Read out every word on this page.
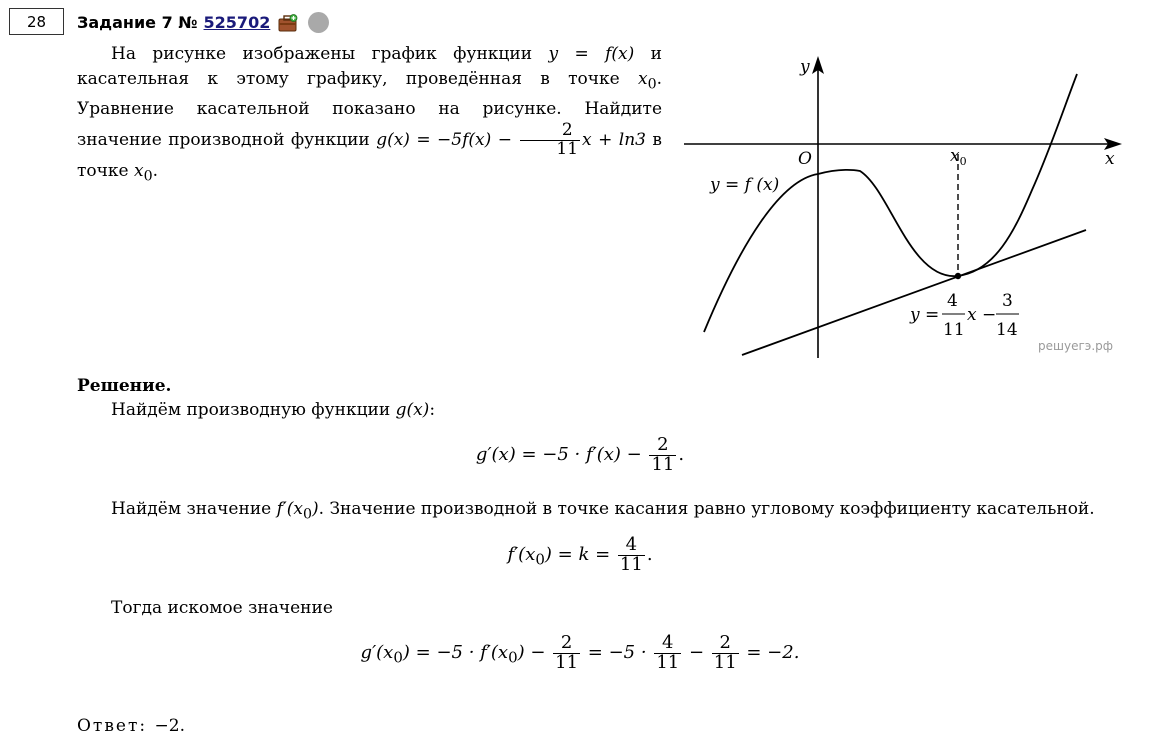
28 Задание 7 № 525702

На рисунке изображены график функции y = f(x) и касательная к этому графику, проведённая в точке $x_0$. Уравнение касательной показано на рисунке. Найдите значение производной функции $g(x) = -5f(x) - \frac{2}{11}$ x + ln3 в точке $x_0$.

y
x
O	$x_0$
y = f (x)
y =
4
11
x −
3
14
решуегэ.рф
Решение.
Найдём производную функции g(x):
$g'(x) = -5 \cdot f'(x) - \frac{2}{11}$ .
Найдём значение $f'(x_0)$. Значение производной в точке касания равно угловому коэффициенту касательной.
$f'(x_0) = k = \frac{4}{11}$ .
Тогда искомое значение
$g'(x_0) = -5 \cdot f'(x_0) - \frac{2}{11} = -5 \cdot \frac{4}{11} - \frac{2}{11} = -2$.
Ответ: −2.
